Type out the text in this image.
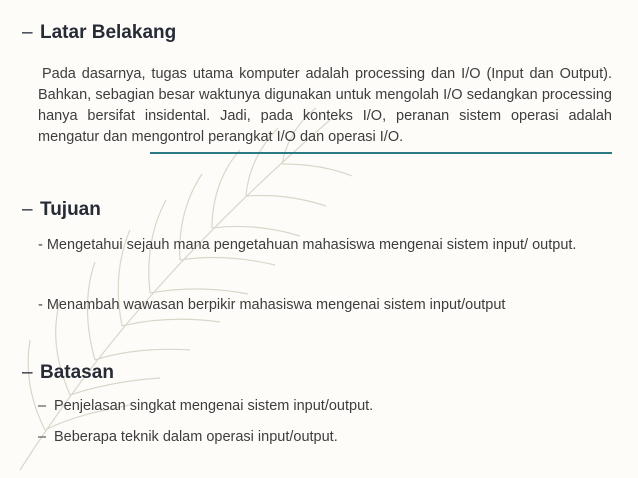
– Latar Belakang
Pada dasarnya, tugas utama komputer adalah processing dan I/O (Input dan Output). Bahkan, sebagian besar waktunya digunakan untuk mengolah I/O sedangkan processing hanya bersifat insidental. Jadi, pada konteks I/O, peranan sistem operasi adalah mengatur dan mengontrol perangkat I/O dan operasi I/O.
– Tujuan
- Mengetahui sejauh mana pengetahuan mahasiswa mengenai sistem input/ output.
- Menambah wawasan berpikir mahasiswa mengenai sistem input/output
– Batasan
– Penjelasan singkat mengenai sistem input/output.
– Beberapa teknik dalam operasi input/output.
